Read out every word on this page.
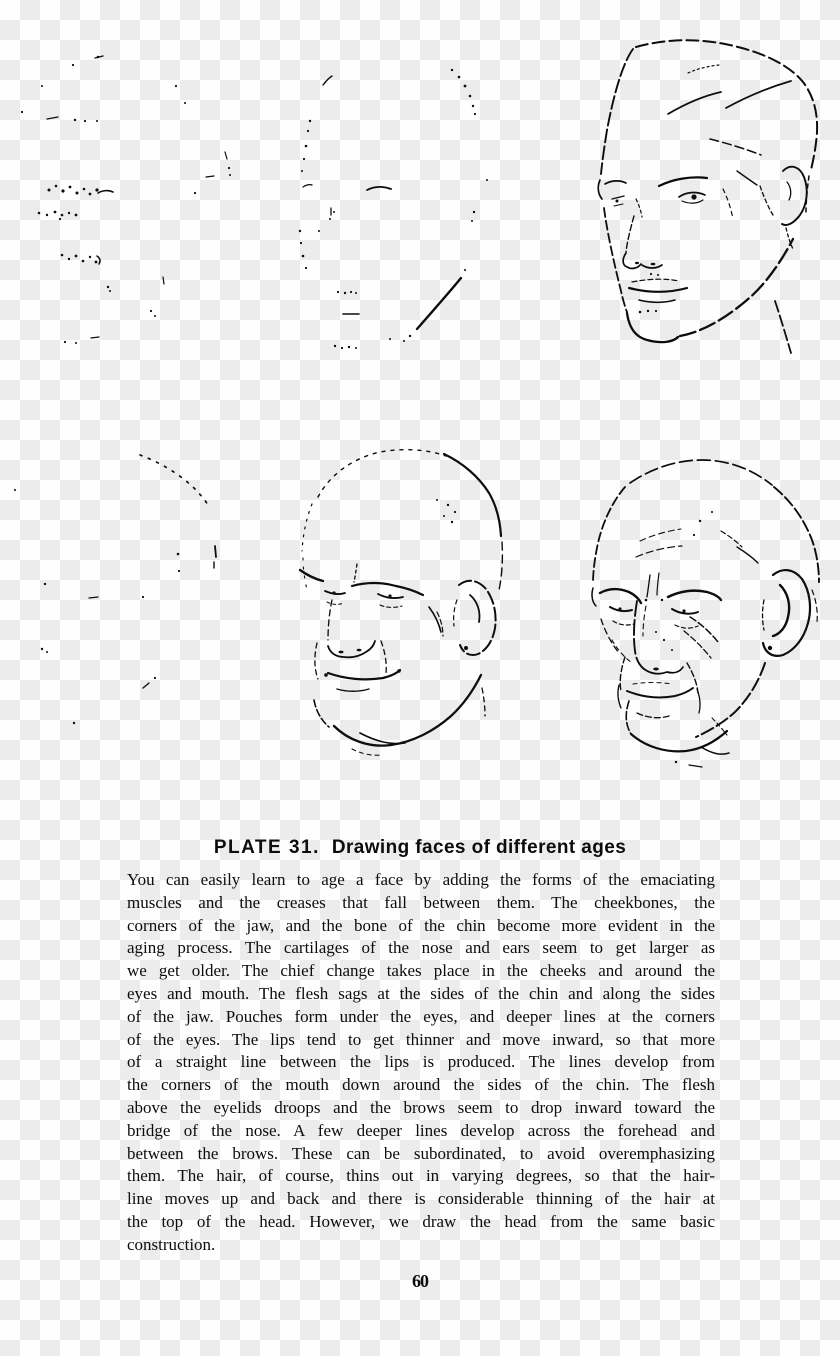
PLATE 31. Drawing faces of different ages
You can easily learn to age a face by adding the forms of the emaciating
muscles and the creases that fall between them. The cheekbones, the
corners of the jaw, and the bone of the chin become more evident in the
aging process. The cartilages of the nose and ears seem to get larger as
we get older. The chief change takes place in the cheeks and around the
eyes and mouth. The flesh sags at the sides of the chin and along the sides
of the jaw. Pouches form under the eyes, and deeper lines at the corners
of the eyes. The lips tend to get thinner and move inward, so that more
of a straight line between the lips is produced. The lines develop from
the corners of the mouth down around the sides of the chin. The flesh
above the eyelids droops and the brows seem to drop inward toward the
bridge of the nose. A few deeper lines develop across the forehead and
between the brows. These can be subordinated, to avoid overemphasizing
them. The hair, of course, thins out in varying degrees, so that the hair-
line moves up and back and there is considerable thinning of the hair at
the top of the head. However, we draw the head from the same basic
construction.
60
